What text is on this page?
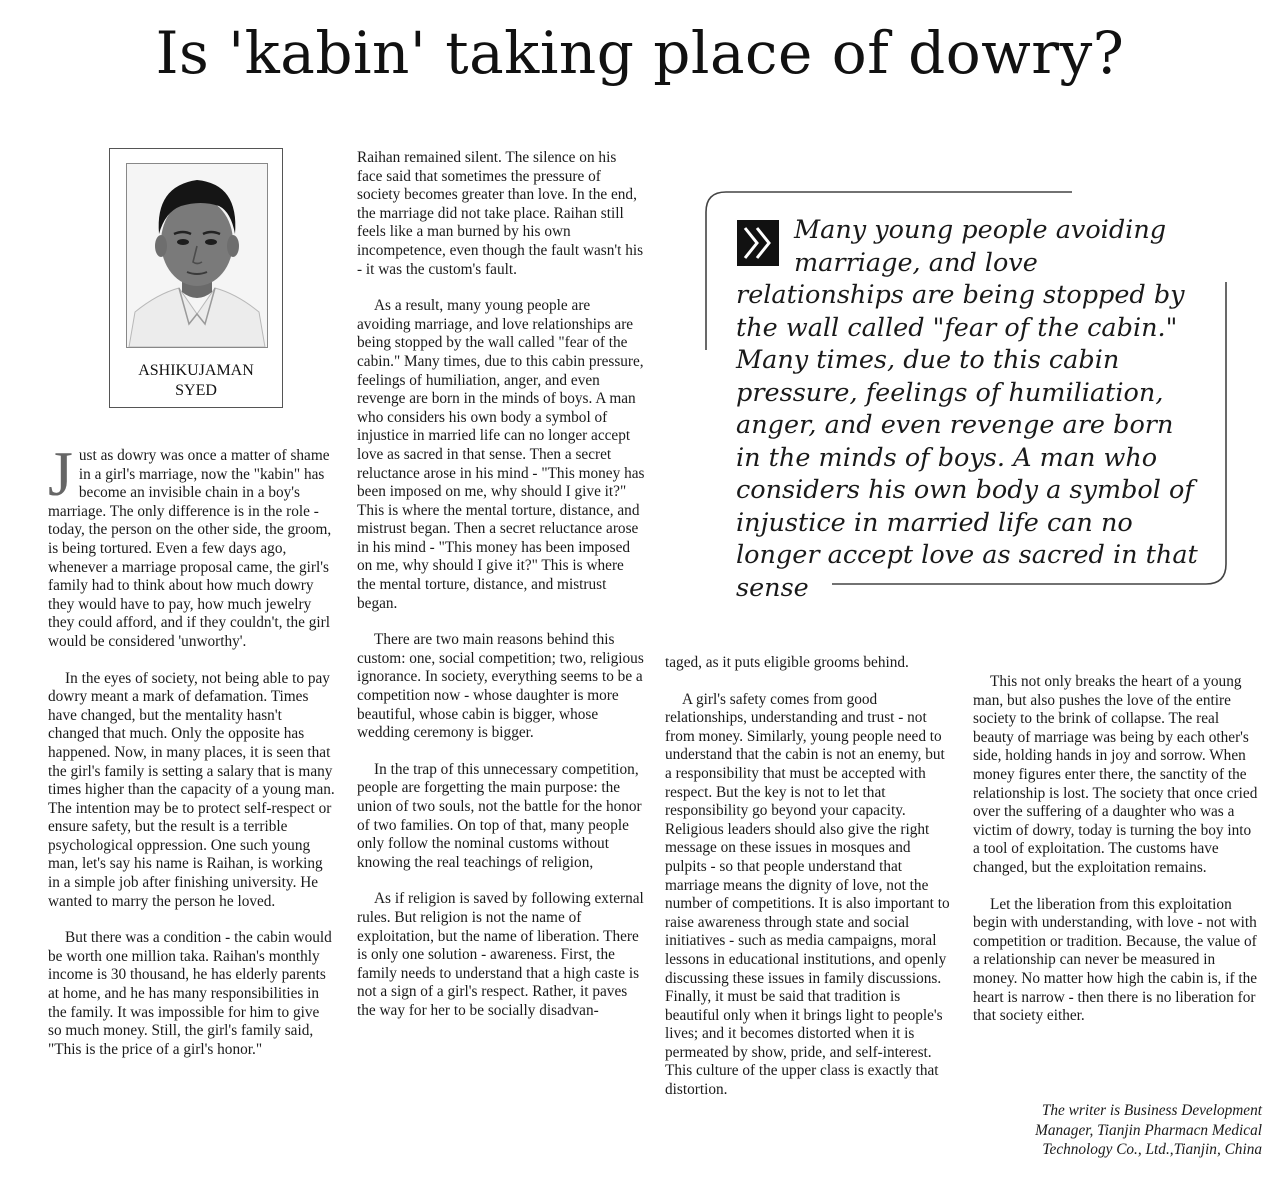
Is 'kabin' taking place of dowry?
ASHIKUJAMAN
SYED

Just as dowry was once a matter of shame in a girl's marriage, now the "kabin" has become an invisible chain in a boy's marriage. The only difference is in the role - today, the person on the other side, the groom, is being tortured. Even a few days ago, whenever a marriage proposal came, the girl's family had to think about how much dowry they would have to pay, how much jewelry they could afford, and if they couldn't, the girl would be considered 'unworthy'.

In the eyes of society, not being able to pay dowry meant a mark of defamation. Times have changed, but the mentality hasn't changed that much. Only the opposite has happened. Now, in many places, it is seen that the girl's family is setting a salary that is many times higher than the capacity of a young man. The intention may be to protect self-respect or ensure safety, but the result is a terrible psychological oppression. One such young man, let's say his name is Raihan, is working in a simple job after finishing university. He wanted to marry the person he loved.

But there was a condition - the cabin would be worth one million taka. Raihan's monthly income is 30 thousand, he has elderly parents at home, and he has many responsibilities in the family. It was impossible for him to give so much money. Still, the girl's family said, "This is the price of a girl's honor."

Raihan remained silent. The silence on his face said that sometimes the pressure of society becomes greater than love. In the end, the marriage did not take place. Raihan still feels like a man burned by his own incompetence, even though the fault wasn't his - it was the custom's fault.

As a result, many young people are avoiding marriage, and love relationships are being stopped by the wall called "fear of the cabin." Many times, due to this cabin pressure, feelings of humiliation, anger, and even revenge are born in the minds of boys. A man who considers his own body a symbol of injustice in married life can no longer accept love as sacred in that sense. Then a secret reluctance arose in his mind - "This money has been imposed on me, why should I give it?" This is where the mental torture, distance, and mistrust began. Then a secret reluctance arose in his mind - "This money has been imposed on me, why should I give it?" This is where the mental torture, distance, and mistrust began.

There are two main reasons behind this custom: one, social competition; two, religious ignorance. In society, everything seems to be a competition now - whose daughter is more beautiful, whose cabin is bigger, whose wedding ceremony is bigger.

In the trap of this unnecessary competition, people are forgetting the main purpose: the union of two souls, not the battle for the honor of two families. On top of that, many people only follow the nominal customs without knowing the real teachings of religion,

As if religion is saved by following external rules. But religion is not the name of exploitation, but the name of liberation. There is only one solution - awareness. First, the family needs to understand that a high caste is not a sign of a girl's respect. Rather, it paves the way for her to be socially disadvan-

taged, as it puts eligible grooms behind.

A girl's safety comes from good relationships, understanding and trust - not from money. Similarly, young people need to understand that the cabin is not an enemy, but a responsibility that must be accepted with respect. But the key is not to let that responsibility go beyond your capacity. Religious leaders should also give the right message on these issues in mosques and pulpits - so that people understand that marriage means the dignity of love, not the number of competitions. It is also important to raise awareness through state and social initiatives - such as media campaigns, moral lessons in educational institutions, and openly discussing these issues in family discussions. Finally, it must be said that tradition is beautiful only when it brings light to people's lives; and it becomes distorted when it is permeated by show, pride, and self-interest. This culture of the upper class is exactly that distortion.

This not only breaks the heart of a young man, but also pushes the love of the entire society to the brink of collapse. The real beauty of marriage was being by each other's side, holding hands in joy and sorrow. When money figures enter there, the sanctity of the relationship is lost. The society that once cried over the suffering of a daughter who was a victim of dowry, today is turning the boy into a tool of exploitation. The customs have changed, but the exploitation remains.

Let the liberation from this exploitation begin with understanding, with love - not with competition or tradition. Because, the value of a relationship can never be measured in money. No matter how high the cabin is, if the heart is narrow - then there is no liberation for that society either.

Many young people avoiding marriage, and love relationships are being stopped by the wall called "fear of the cabin." Many times, due to this cabin pressure, feelings of humiliation, anger, and even revenge are born in the minds of boys. A man who considers his own body a symbol of injustice in married life can no longer accept love as sacred in that sense

The writer is Business Development
Manager, Tianjin Pharmacn Medical
Technology Co., Ltd.,Tianjin, China
